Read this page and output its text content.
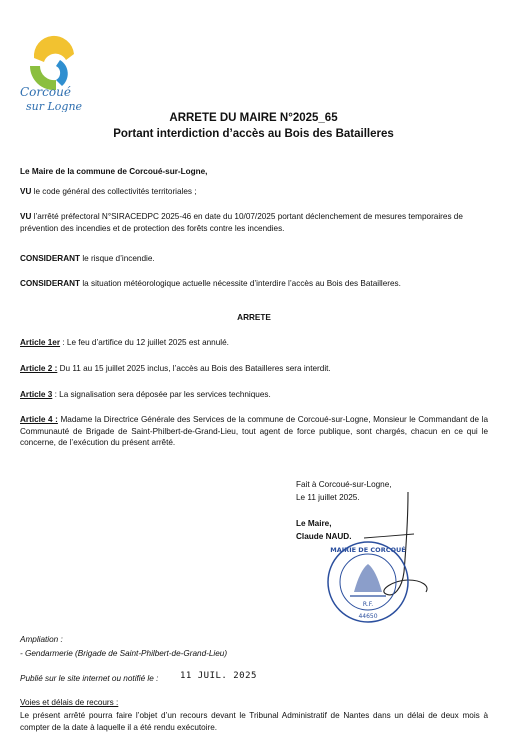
Corcoué
sur Logne
ARRETE DU MAIRE N°2025_65
Portant interdiction d’accès au Bois des Batailleres
Le Maire de la commune de Corcoué-sur-Logne,
VU le code général des collectivités territoriales ;
VU l’arrêté préfectoral N°SIRACEDPC 2025-46 en date du 10/07/2025 portant déclenchement de mesures temporaires de prévention des incendies et de protection des forêts contre les incendies.
CONSIDERANT le risque d’incendie.
CONSIDERANT la situation météorologique actuelle nécessite d’interdire l’accès au Bois des Batailleres.
ARRETE
Article 1er : Le feu d’artifice du 12 juillet 2025 est annulé.
Article 2 : Du 11 au 15 juillet 2025 inclus, l’accès au Bois des Batailleres sera interdit.
Article 3 : La signalisation sera déposée par les services techniques.
Article 4 : Madame la Directrice Générale des Services de la commune de Corcoué-sur-Logne, Monsieur le Commandant de la Communauté de Brigade de Saint-Philbert-de-Grand-Lieu, tout agent de force publique, sont chargés, chacun en ce qui le concerne, de l’exécution du présent arrêté.
Fait à Corcoué-sur-Logne,
Le 11 juillet 2025.
Le Maire,
Claude NAUD.
MAIRIE DE CORCOUÉ
R.F.
44650
Ampliation :
- Gendarmerie (Brigade de Saint-Philbert-de-Grand-Lieu)
Publié sur le site internet ou notifié le :	11 JUIL. 2025
Voies et délais de recours :
Le présent arrêté pourra faire l’objet d’un recours devant le Tribunal Administratif de Nantes dans un délai de deux mois à compter de la date à laquelle il a été rendu exécutoire.
